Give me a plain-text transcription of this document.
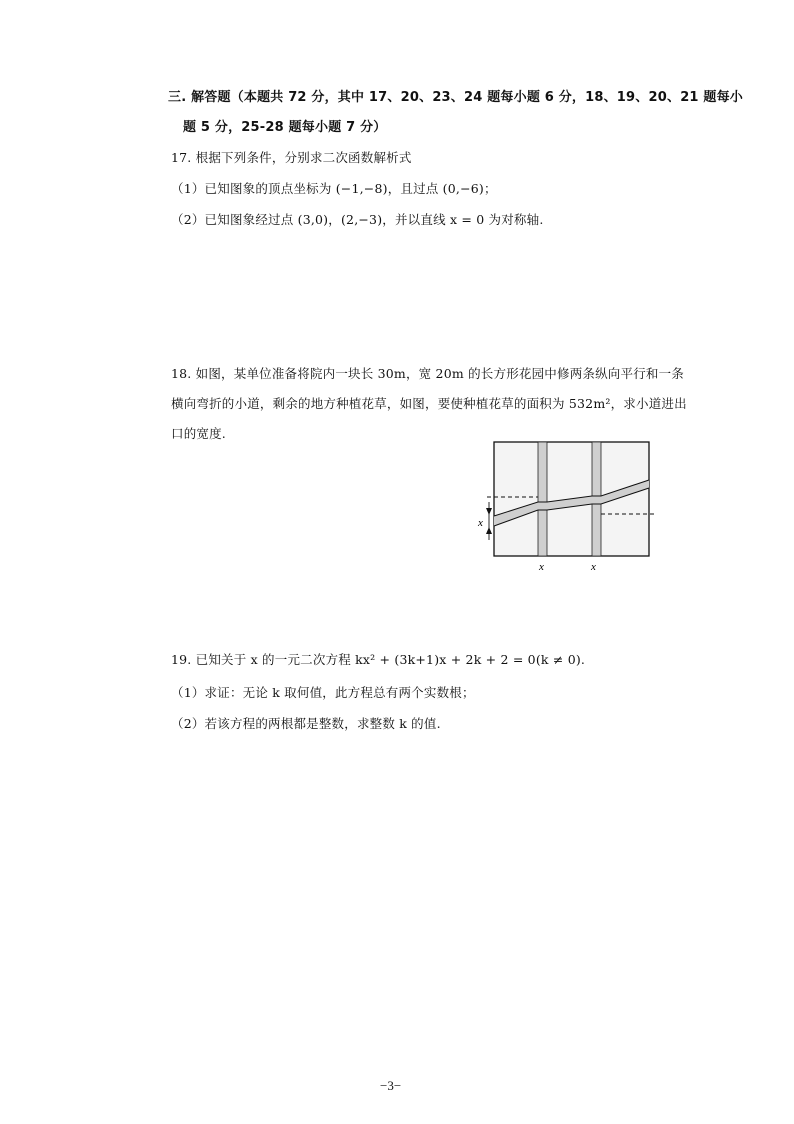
三. 解答题（本题共 72 分，其中 17、20、23、24 题每小题 6 分，18、19、20、21 题每小
题 5 分，25-28 题每小题 7 分）
17. 根据下列条件，分别求二次函数解析式
（1）已知图象的顶点坐标为 (−1,−8)，且过点 (0,−6)；
（2）已知图象经过点 (3,0)，(2,−3)，并以直线 x = 0 为对称轴.
18. 如图，某单位准备将院内一块长 30m，宽 20m 的长方形花园中修两条纵向平行和一条
横向弯折的小道，剩余的地方种植花草，如图，要使种植花草的面积为 532m²，求小道进出
口的宽度.
x
x	x
19. 已知关于 x 的一元二次方程 kx² + (3k+1)x + 2k + 2 = 0(k ≠ 0).
（1）求证：无论 k 取何值，此方程总有两个实数根；
（2）若该方程的两根都是整数，求整数 k 的值.
−3−
